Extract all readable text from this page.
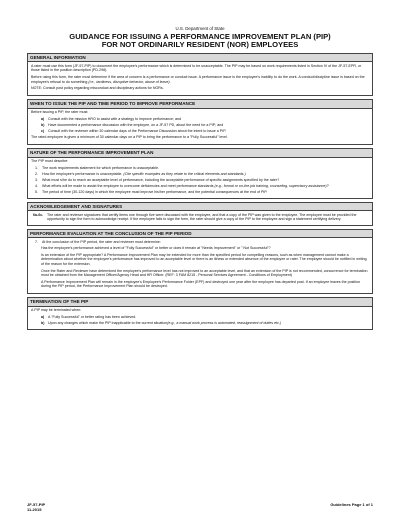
U.S. Department of State
GUIDANCE FOR ISSUING A PERFORMANCE IMPROVEMENT PLAN (PIP)
FOR NOT ORDINARILY RESIDENT (NOR) EMPLOYEES
GENERAL INFORMATION
A rater must use this form (JF-57-PIP) to document the employee's performance which is determined to be unacceptable. The PIP may be based on work requirements listed in Section IV of the JF-57-EPR, or those listed in the position description (PD-298).
Before using this form, the rater must determine if the area of concern is a performance or conduct issue. A performance issue is the employee's inability to do the work. A conduct/discipline issue is based on the employee's refusal to do something (i.e., tardiness, disruptive behavior, abuse of leave).
NOTE: Consult post policy regarding misconduct and disciplinary actions for NORs.
WHEN TO ISSUE THE PIP AND TIME PERIOD TO IMPROVE PERFORMANCE
Before issuing a PIP, the rater must:
a) Consult with the mission HRO to assist with a strategy to improve performance; and
b) Have documented a performance discussion with the employee, on a JF-57 PD, about the need for a PIP; and
c) Consult with the reviewer within 30 calendar days of the Performance Discussion about the intent to issue a PIP.
The rated employee is given a minimum of 30 calendar days on a PIP to bring the performance to a "Fully Successful" level.
NATURE OF THE PERFORMANCE IMPROVEMENT PLAN
The PIP must describe:
1.	The work requirements statement for which performance is unacceptable.
2.	How the employee's performance is unacceptable. (Cite specific examples as they relate to the critical elements and standards.)
3.	What must s/he do to reach an acceptable level of performance, including the acceptable performance of specific assignments specified by the rater?
4.	What efforts will be made to assist the employee to overcome deficiencies and meet performance standards (e.g., formal or on-the-job training, counseling, supervisory assistance)?
5.	The period of time (30-120 days) in which the employee must improve his/her performance, and the potential consequences at the end of PIP.
ACKNOWLEDGEMENT AND SIGNATURES
6a-6c. The rater and reviewer signatures that certify items one through five were discussed with the employee, and that a copy of the PIP was given to the employee. The employee must be provided the opportunity to sign the form to acknowledge receipt. If the employee fails to sign the form, the rater should give a copy of the PIP to the employee and sign a statement certifying delivery.
PERFORMANCE EVALUATION AT THE CONCLUSION OF THE PIP PERIOD
7.	At the conclusion of the PIP period, the rater and reviewer must determine:
Has the employee's performance achieved a level of "Fully Successful" or better or does it remain at "Needs Improvement" or " Not Successful"?
Is an extension of the PIP appropriate? A Performance Improvement Plan may be extended for more than the specified period for compelling reasons, such as when management cannot make a determination about whether the employee's performance has improved to an acceptable level or there is an illness or extended absence of the employee or rater. The employee should be notified in writing of the reason for the extension.
Once the Rater and Reviewer have determined the employee's performance level has not improved to an acceptable level, and that an extension of the PIP is not recommended, concurrence for termination must be obtained from the Management Officer/Agency Head and HR Officer. (REF: 3 FAM 8215 - Personal Services Agreement - Conditions of Employment)
A Performance Improvement Plan will remain in the employee's Employee's Performance Folder (EPF) and destroyed one year after the employee has departed post. If an employee leaves the position during the PIP period, the Performance Improvement Plan should be destroyed.
TERMINATION OF THE PIP
A PIP may be terminated when:
a) A "Fully Successful" or better rating has been achieved.
b) Upon any changes which make the PIP inapplicable to the current situation(e.g., a manual work process is automated, reassignment of duties etc.)
JF-57-PIP
11-2015
Guidelines Page 1 of 1
